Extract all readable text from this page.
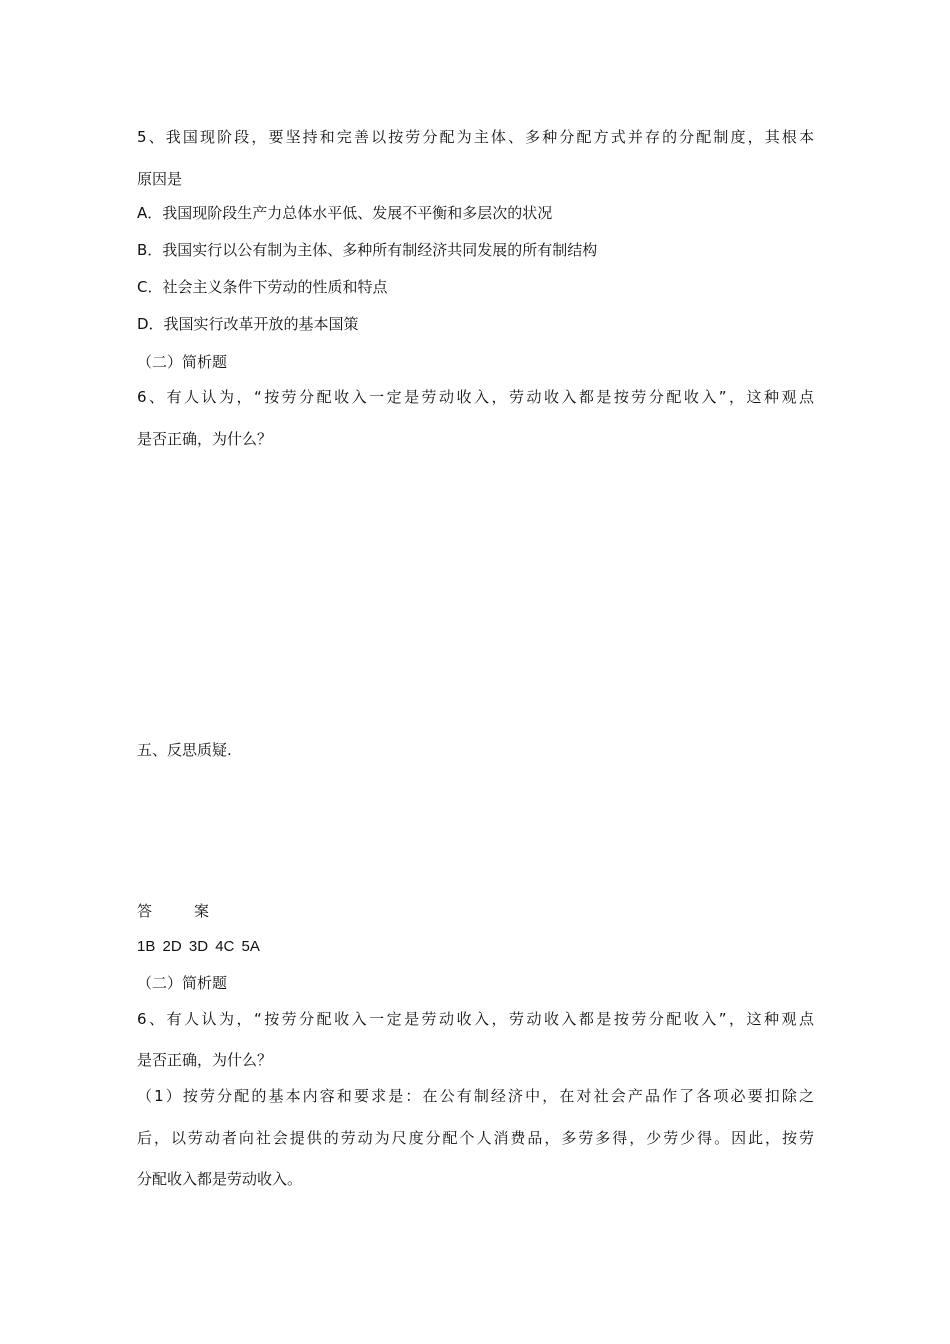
5、我国现阶段，要坚持和完善以按劳分配为主体、多种分配方式并存的分配制度，其根本

原因是

A．我国现阶段生产力总体水平低、发展不平衡和多层次的状况

B．我国实行以公有制为主体、多种所有制经济共同发展的所有制结构

C．社会主义条件下劳动的性质和特点

D．我国实行改革开放的基本国策

（二）简析题

6、有人认为，“按劳分配收入一定是劳动收入，劳动收入都是按劳分配收入”，这种观点

是否正确，为什么？

五、反思质疑.

答	案

1B 2D 3D 4C 5A

（二）简析题

6、有人认为，“按劳分配收入一定是劳动收入，劳动收入都是按劳分配收入”，这种观点

是否正确，为什么？

（1）按劳分配的基本内容和要求是：在公有制经济中，在对社会产品作了各项必要扣除之

后，以劳动者向社会提供的劳动为尺度分配个人消费品，多劳多得，少劳少得。因此，按劳

分配收入都是劳动收入。
